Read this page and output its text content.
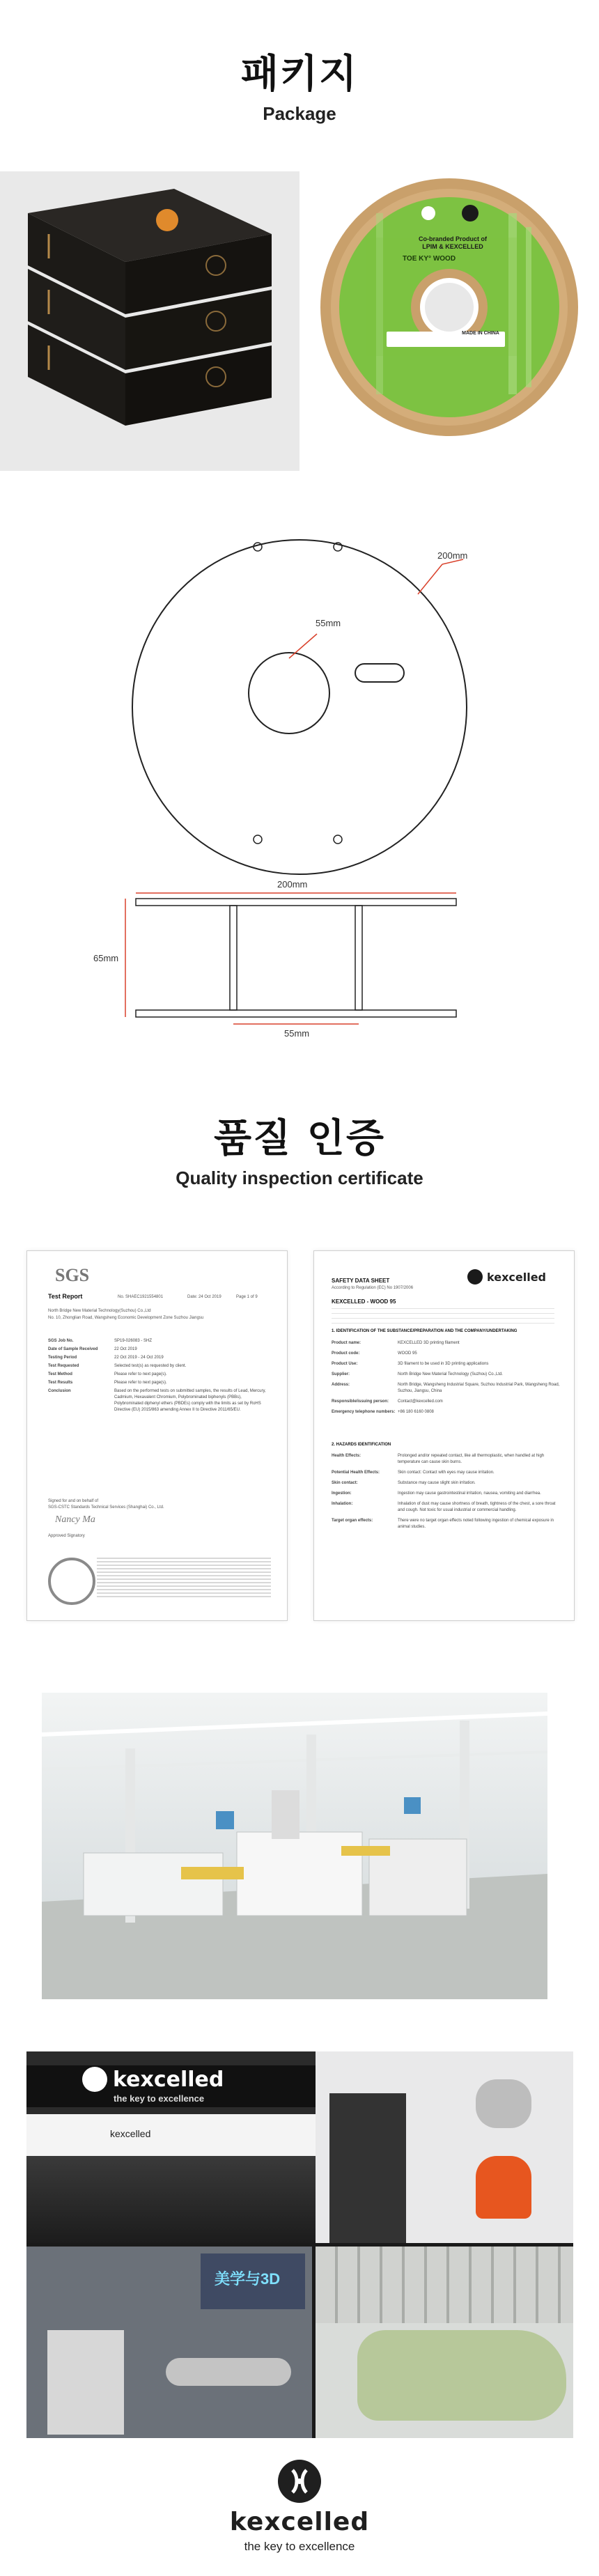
패키지
Package
Co-branded Product of
LPIM & KEXCELLED
TOE KY° WOOD
MADE IN CHINA
200mm
55mm
200mm
65mm
55mm
품질 인증
Quality inspection certificate
SGS
Test Report	No. SHAEC1921554801	Date: 24 Oct 2019	Page 1 of 9
North Bridge New Material Technology(Suzhou) Co.,Ltd
No. 10, Zhonglian Road, Wangsheng Economic Development Zone Suzhou Jiangsu
SGS Job No.	SP19-026083 - SHZ
Date of Sample Received	22 Oct 2019
Testing Period	22 Oct 2019 - 24 Oct 2019
Test Requested	Selected test(s) as requested by client.
Test Method	Please refer to next page(s).
Test Results	Please refer to next page(s).
Conclusion	Based on the performed tests on submitted samples, the results of Lead, Mercury, Cadmium, Hexavalent Chromium, Polybrominated biphenyls (PBBs), Polybrominated diphenyl ethers (PBDEs) comply with the limits as set by RoHS Directive (EU) 2015/863 amending Annex II to Directive 2011/65/EU.
Signed for and on behalf of
SGS-CSTC Standards Technical Services (Shanghai) Co., Ltd.
Nancy Ma
Approved Signatory
SAFETY DATA SHEET
According to Regulation (EC) No 1907/2006
kexcelled
KEXCELLED - WOOD 95
1. IDENTIFICATION OF THE SUBSTANCE/PREPARATION AND THE COMPANY/UNDERTAKING
Product name:	KEXCELLED 3D printing filament
Product code:	WOOD 95
Product Use:	3D filament to be used in 3D printing applications
Supplier:	North Bridge New Material Technology (Suzhou) Co.,Ltd.
Address:	North Bridge, Wangsheng Industrial Square, Suzhou Industrial Park, Wangsheng Road, Suzhou, Jiangsu, China
Responsible/issuing person:	Contact@kexcelled.com
Emergency telephone numbers: +86 180 6160 0808
2. HAZARDS IDENTIFICATION
Health Effects:	Prolonged and/or repeated contact, like all thermoplastic, when handled at high temperature can cause skin burns.
Potential Health Effects:	Skin contact: Contact with eyes may cause irritation.
Skin contact:	Substance may cause slight skin irritation.
Ingestion:	Ingestion may cause gastrointestinal irritation, nausea, vomiting and diarrhea.
Inhalation:	Inhalation of dust may cause shortness of breath, tightness of the chest, a sore throat and cough. Not toxic for usual industrial or commercial handling.
Target organ effects:	There were no target organ effects noted following ingestion of chemical exposure in animal studies.
kexcelled
the key to excellence
kexcelled
美学与3D
kexcelled
the key to excellence
